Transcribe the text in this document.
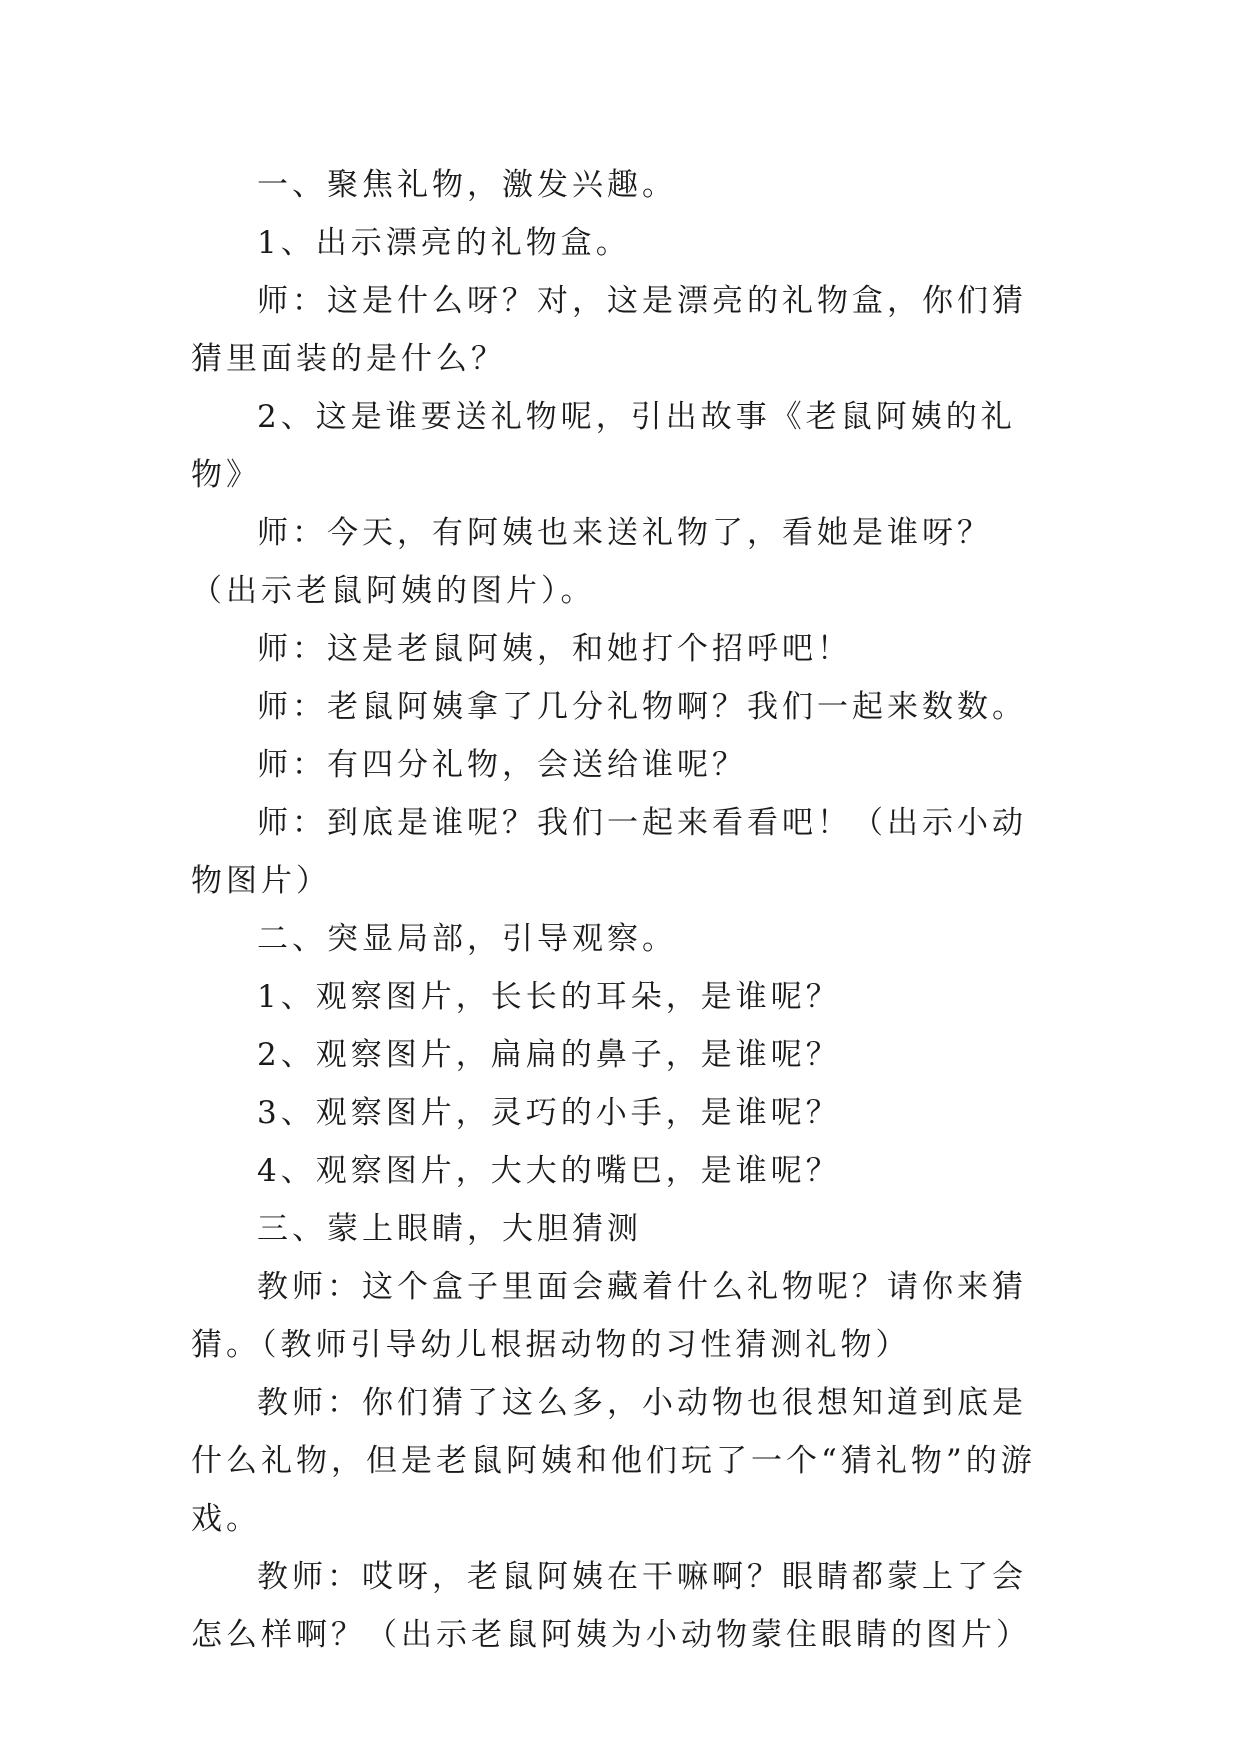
一、聚焦礼物，激发兴趣。

1、出示漂亮的礼物盒。

师：这是什么呀？对，这是漂亮的礼物盒，你们猜猜里面装的是什么？

2、这是谁要送礼物呢，引出故事《老鼠阿姨的礼物》

师：今天，有阿姨也来送礼物了，看她是谁呀？（出示老鼠阿姨的图片）。

师：这是老鼠阿姨，和她打个招呼吧！

师：老鼠阿姨拿了几分礼物啊？我们一起来数数。

师：有四分礼物，会送给谁呢？

师：到底是谁呢？我们一起来看看吧！（出示小动物图片）

二、突显局部，引导观察。

1、观察图片，长长的耳朵，是谁呢？

2、观察图片，扁扁的鼻子，是谁呢？

3、观察图片，灵巧的小手，是谁呢？

4、观察图片，大大的嘴巴，是谁呢？

三、蒙上眼睛，大胆猜测

教师：这个盒子里面会藏着什么礼物呢？请你来猜猜。（教师引导幼儿根据动物的习性猜测礼物）

教师：你们猜了这么多，小动物也很想知道到底是什么礼物，但是老鼠阿姨和他们玩了一个“猜礼物”的游戏。

教师：哎呀，老鼠阿姨在干嘛啊？眼睛都蒙上了会怎么样啊？（出示老鼠阿姨为小动物蒙住眼睛的图片）
